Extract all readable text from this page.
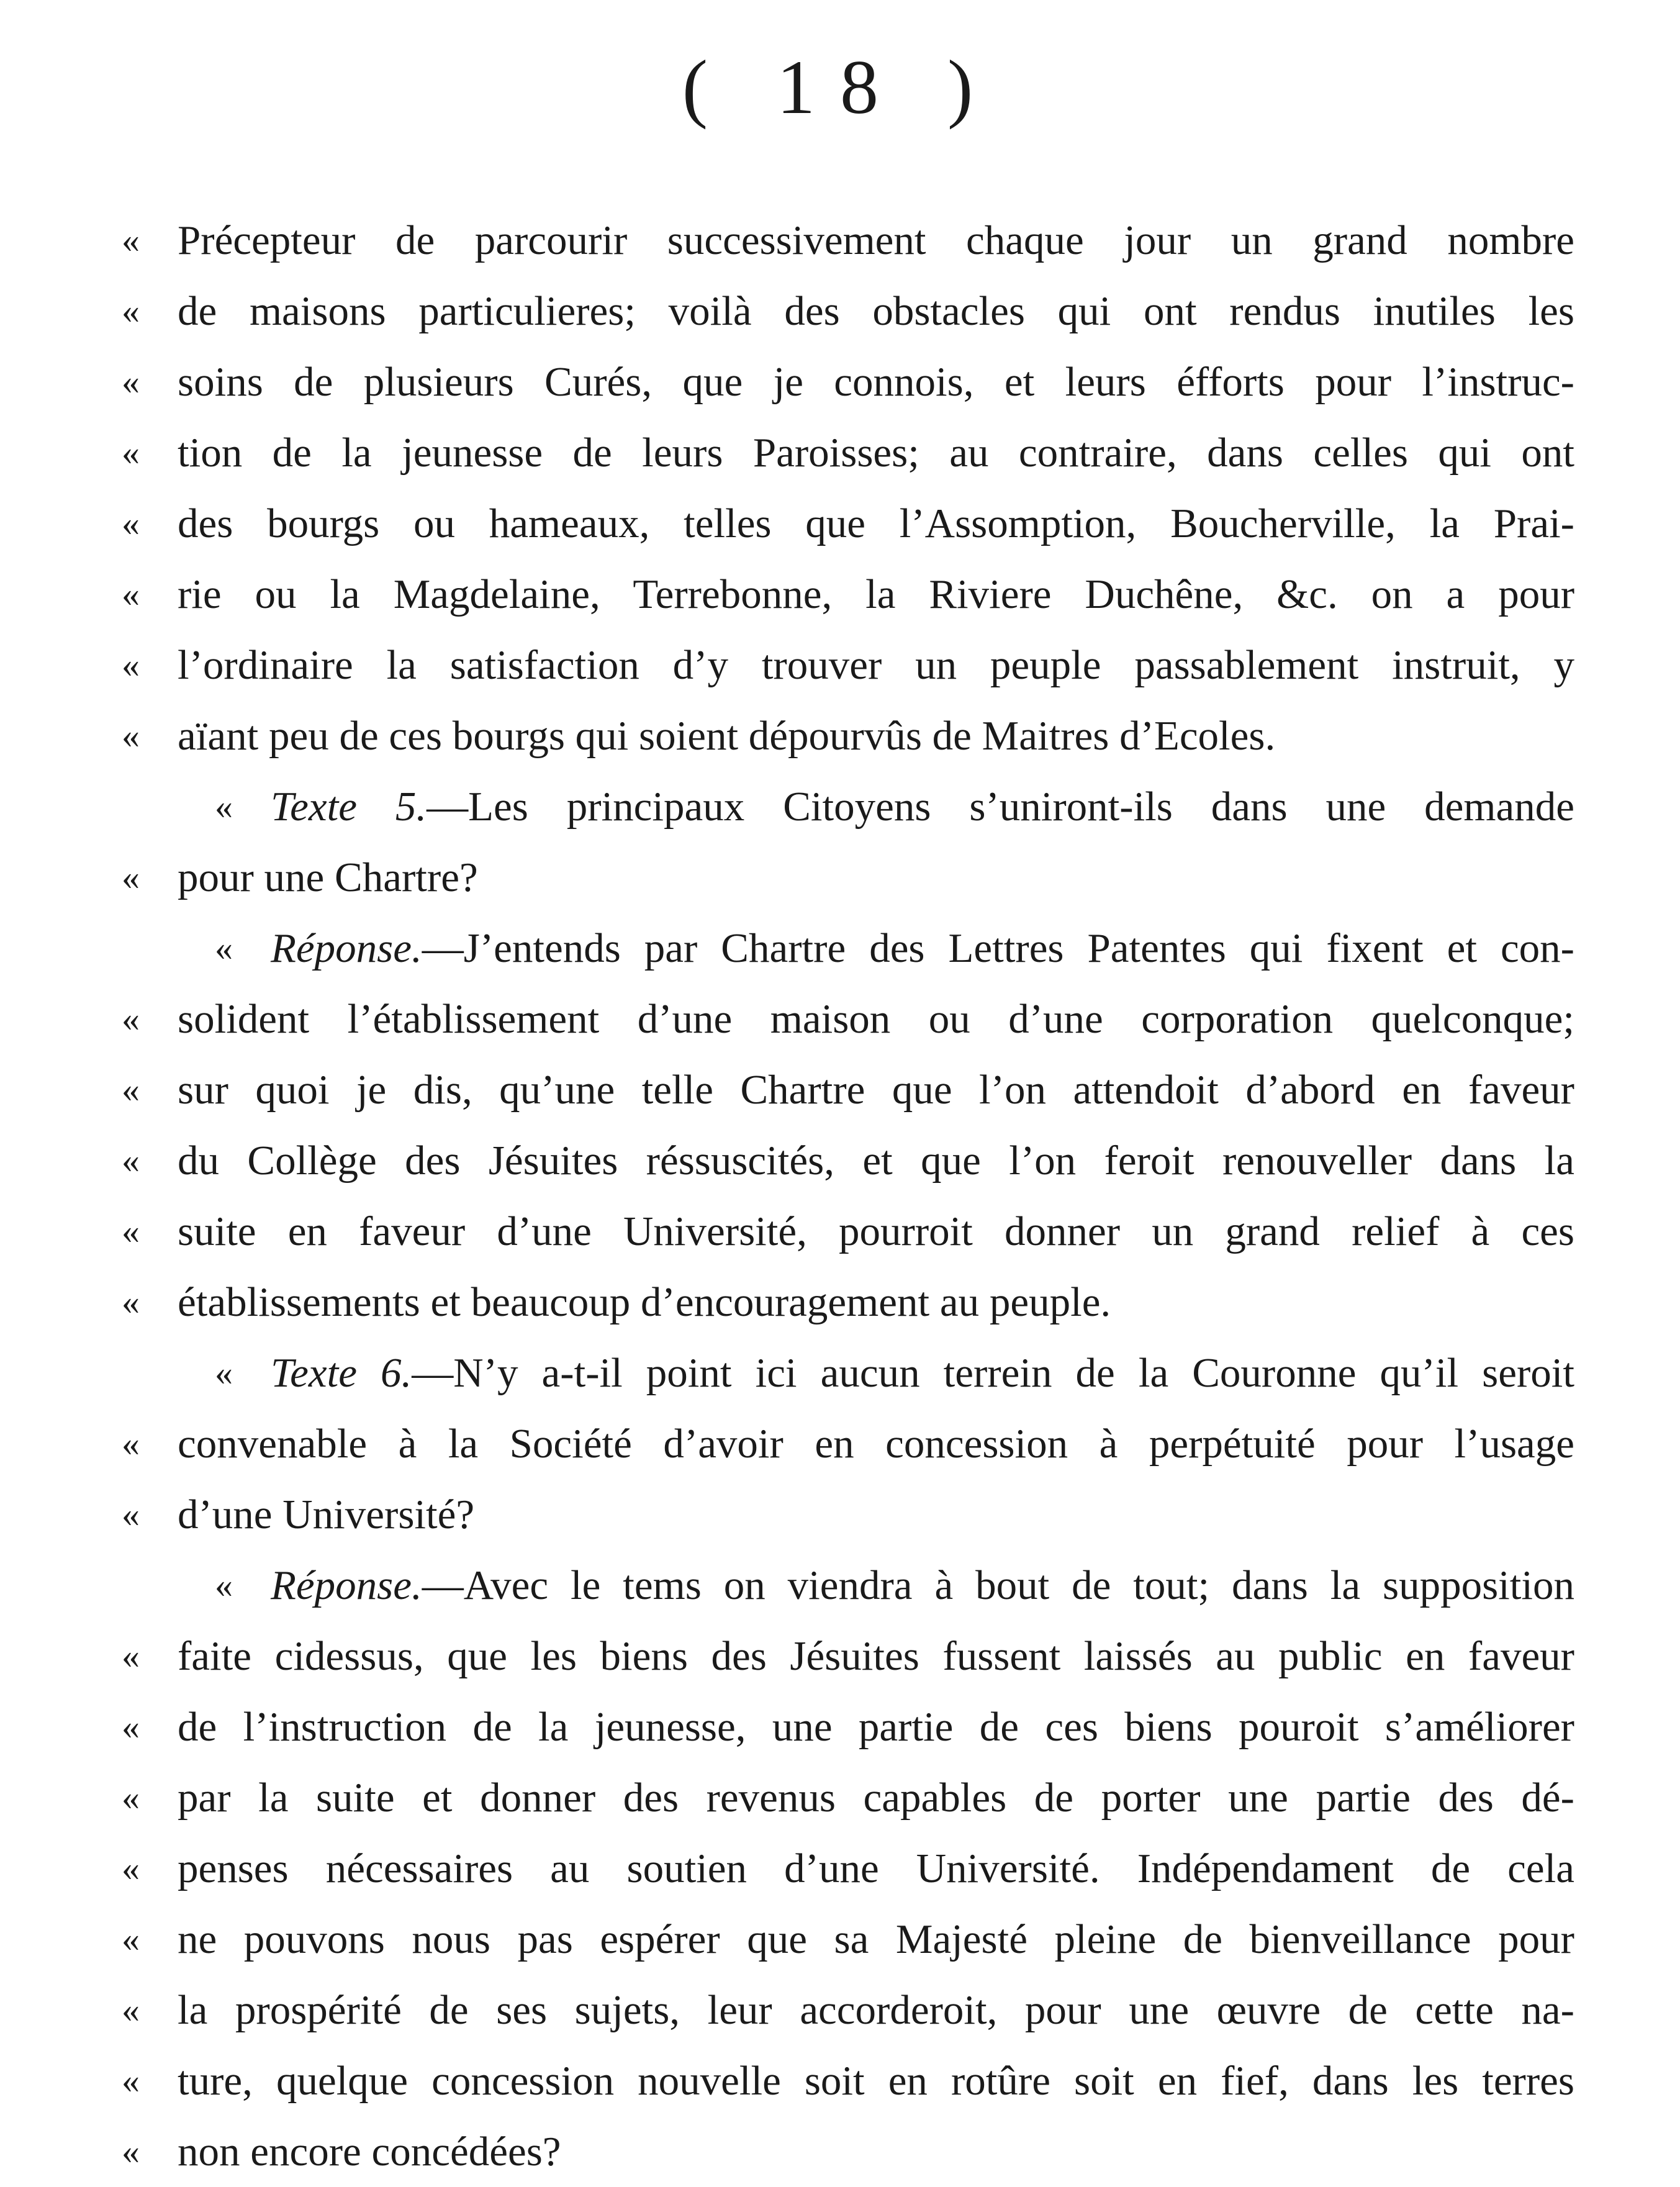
( 18 )
« Précepteur de parcourir successivement chaque jour un grand nombre
« de maisons particulieres; voilà des obstacles qui ont rendus inutiles les
« soins de plusieurs Curés, que je connois, et leurs éfforts pour l’instruc-
« tion de la jeunesse de leurs Paroisses; au contraire, dans celles qui ont
« des bourgs ou hameaux, telles que l’Assomption, Boucherville, la Prai-
« rie ou la Magdelaine, Terrebonne, la Riviere Duchêne, &c. on a pour
« l’ordinaire la satisfaction d’y trouver un peuple passablement instruit, y
« aïant peu de ces bourgs qui soient dépourvûs de Maitres d’Ecoles.
« Texte 5.—Les principaux Citoyens s’uniront-ils dans une demande
« pour une Chartre?
« Réponse.—J’entends par Chartre des Lettres Patentes qui fixent et con-
« solident l’établissement d’une maison ou d’une corporation quelconque;
« sur quoi je dis, qu’une telle Chartre que l’on attendoit d’abord en faveur
« du Collège des Jésuites réssuscités, et que l’on feroit renouveller dans la
« suite en faveur d’une Université, pourroit donner un grand relief à ces
« établissements et beaucoup d’encouragement au peuple.
« Texte 6.—N’y a-t-il point ici aucun terrein de la Couronne qu’il seroit
« convenable à la Société d’avoir en concession à perpétuité pour l’usage
« d’une Université?
« Réponse.—Avec le tems on viendra à bout de tout; dans la supposition
« faite cidessus, que les biens des Jésuites fussent laissés au public en faveur
« de l’instruction de la jeunesse, une partie de ces biens pouroit s’améliorer
« par la suite et donner des revenus capables de porter une partie des dé-
« penses nécessaires au soutien d’une Université. Indépendament de cela
« ne pouvons nous pas espérer que sa Majesté pleine de bienveillance pour
« la prospérité de ses sujets, leur accorderoit, pour une œuvre de cette na-
« ture, quelque concession nouvelle soit en rotûre soit en fief, dans les terres
« non encore concédées?
